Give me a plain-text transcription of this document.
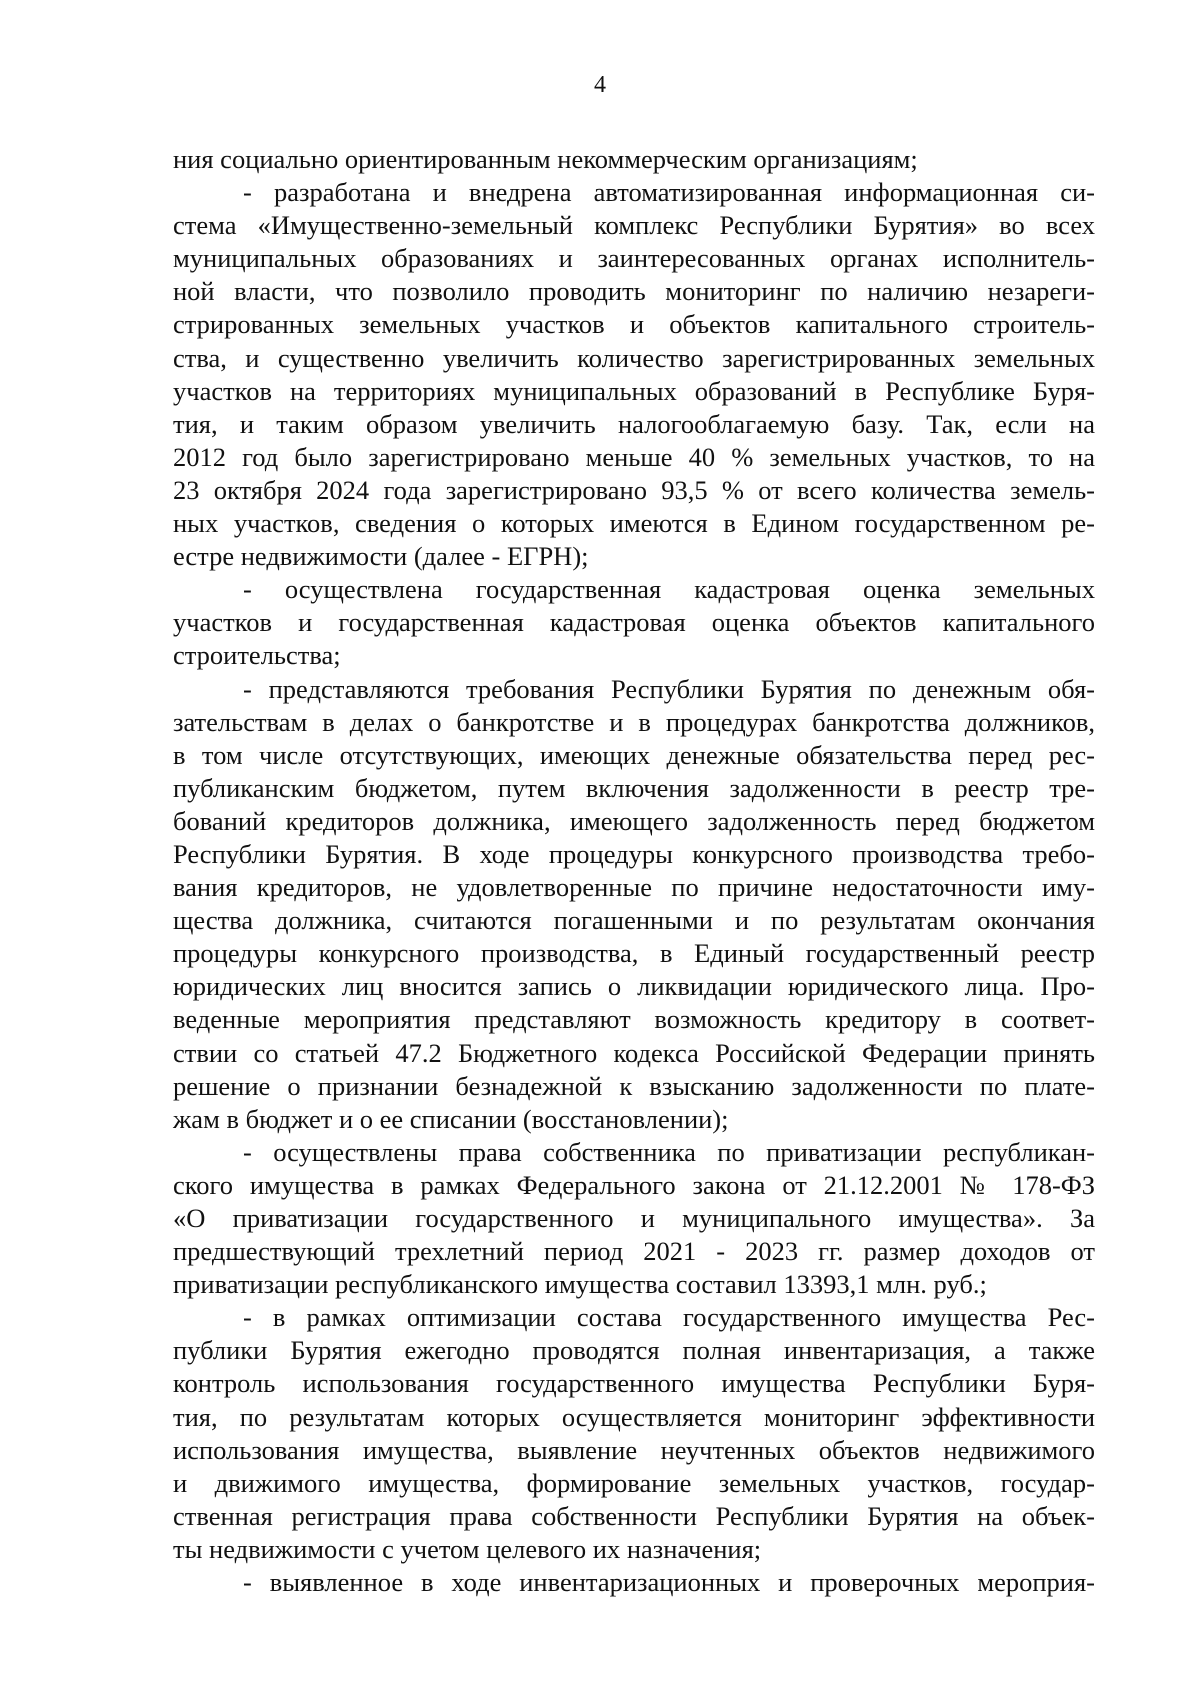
4
ния социально ориентированным некоммерческим организациям;
- разработана и внедрена автоматизированная информационная си-
стема «Имущественно-земельный комплекс Республики Бурятия» во всех
муниципальных образованиях и заинтересованных органах исполнитель-
ной власти, что позволило проводить мониторинг по наличию незареги-
стрированных земельных участков и объектов капитального строитель-
ства, и существенно увеличить количество зарегистрированных земельных
участков на территориях муниципальных образований в Республике Буря-
тия, и таким образом увеличить налогооблагаемую базу. Так, если на
2012 год было зарегистрировано меньше 40 % земельных участков, то на
23 октября 2024 года зарегистрировано 93,5 % от всего количества земель-
ных участков, сведения о которых имеются в Едином государственном ре-
естре недвижимости (далее - ЕГРН);
- осуществлена государственная кадастровая оценка земельных
участков и государственная кадастровая оценка объектов капитального
строительства;
- представляются требования Республики Бурятия по денежным обя-
зательствам в делах о банкротстве и в процедурах банкротства должников,
в том числе отсутствующих, имеющих денежные обязательства перед рес-
публиканским бюджетом, путем включения задолженности в реестр тре-
бований кредиторов должника, имеющего задолженность перед бюджетом
Республики Бурятия. В ходе процедуры конкурсного производства требо-
вания кредиторов, не удовлетворенные по причине недостаточности иму-
щества должника, считаются погашенными и по результатам окончания
процедуры конкурсного производства, в Единый государственный реестр
юридических лиц вносится запись о ликвидации юридического лица. Про-
веденные мероприятия представляют возможность кредитору в соответ-
ствии со статьей 47.2 Бюджетного кодекса Российской Федерации принять
решение о признании безнадежной к взысканию задолженности по плате-
жам в бюджет и о ее списании (восстановлении);
- осуществлены права собственника по приватизации республикан-
ского имущества в рамках Федерального закона от 21.12.2001 № 178-ФЗ
«О приватизации государственного и муниципального имущества». За
предшествующий трехлетний период 2021 - 2023 гг. размер доходов от
приватизации республиканского имущества составил 13393,1 млн. руб.;
- в рамках оптимизации состава государственного имущества Рес-
публики Бурятия ежегодно проводятся полная инвентаризация, а также
контроль использования государственного имущества Республики Буря-
тия, по результатам которых осуществляется мониторинг эффективности
использования имущества, выявление неучтенных объектов недвижимого
и движимого имущества, формирование земельных участков, государ-
ственная регистрация права собственности Республики Бурятия на объек-
ты недвижимости с учетом целевого их назначения;
- выявленное в ходе инвентаризационных и проверочных мероприя-
